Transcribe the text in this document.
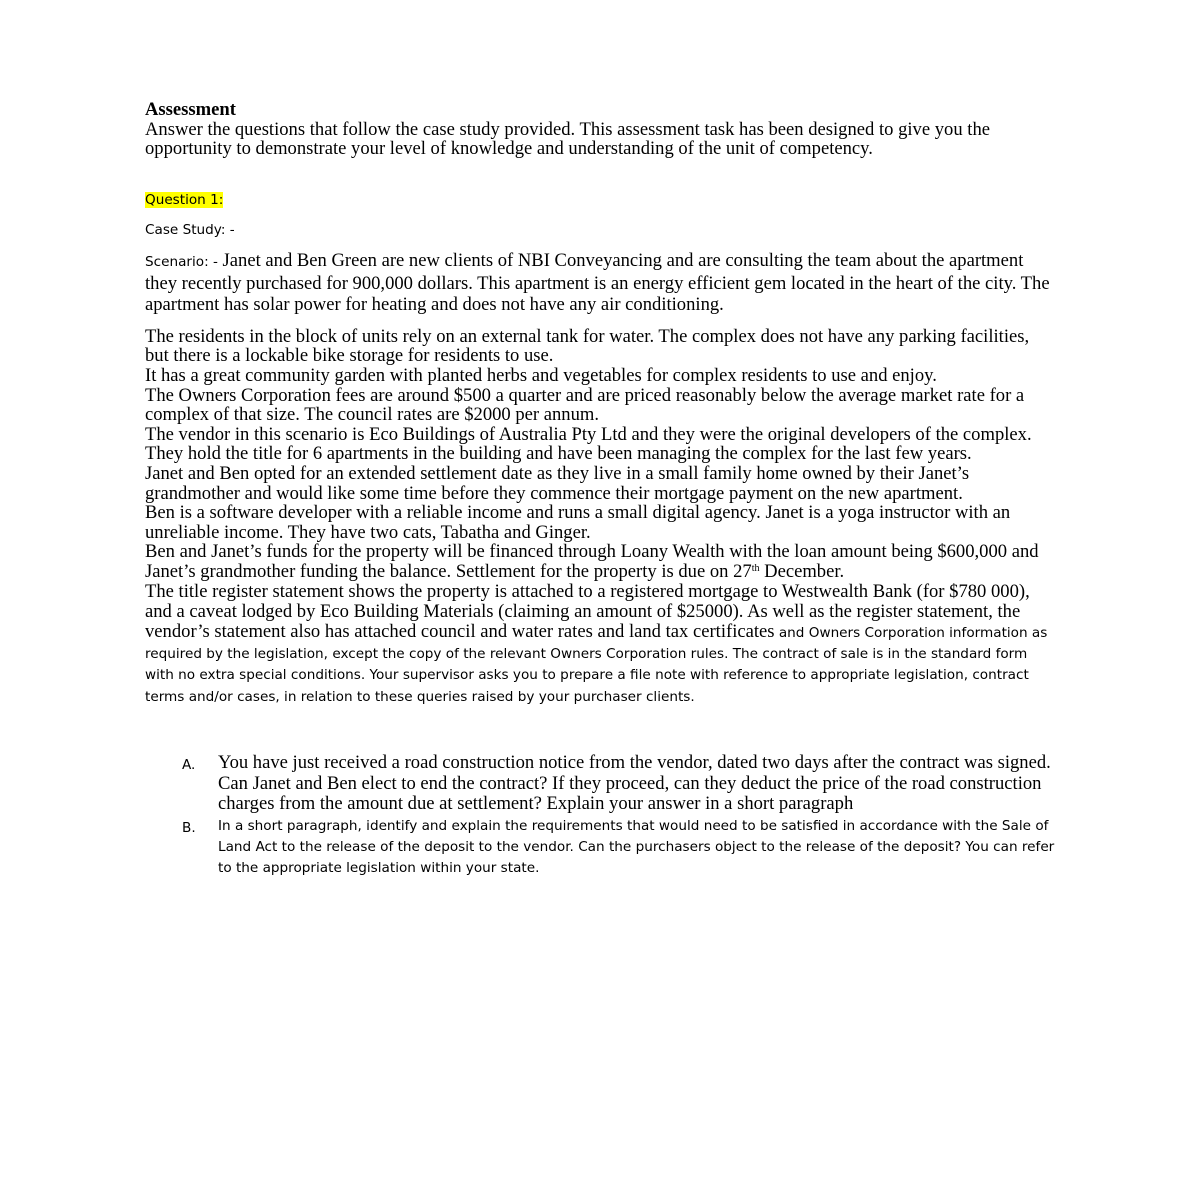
Assessment

Answer the questions that follow the case study provided. This assessment task has been designed to give you the opportunity to demonstrate your level of knowledge and understanding of the unit of competency.

Question 1:

Case Study: -

Scenario: - Janet and Ben Green are new clients of NBI Conveyancing and are consulting the team about the apartment they recently purchased for 900,000 dollars. This apartment is an energy efficient gem located in the heart of the city. The apartment has solar power for heating and does not have any air conditioning.

The residents in the block of units rely on an external tank for water. The complex does not have any parking facilities, but there is a lockable bike storage for residents to use.

It has a great community garden with planted herbs and vegetables for complex residents to use and enjoy.

The Owners Corporation fees are around $500 a quarter and are priced reasonably below the average market rate for a complex of that size. The council rates are $2000 per annum.

The vendor in this scenario is Eco Buildings of Australia Pty Ltd and they were the original developers of the complex. They hold the title for 6 apartments in the building and have been managing the complex for the last few years.

Janet and Ben opted for an extended settlement date as they live in a small family home owned by their Janet’s grandmother and would like some time before they commence their mortgage payment on the new apartment.

Ben is a software developer with a reliable income and runs a small digital agency. Janet is a yoga instructor with an unreliable income. They have two cats, Tabatha and Ginger.

Ben and Janet’s funds for the property will be financed through Loany Wealth with the loan amount being $600,000 and Janet’s grandmother funding the balance. Settlement for the property is due on 27th December.

The title register statement shows the property is attached to a registered mortgage to Westwealth Bank (for $780 000), and a caveat lodged by Eco Building Materials (claiming an amount of $25000). As well as the register statement, the vendor’s statement also has attached council and water rates and land tax certificates and Owners Corporation information as required by the legislation, except the copy of the relevant Owners Corporation rules. The contract of sale is in the standard form with no extra special conditions. Your supervisor asks you to prepare a file note with reference to appropriate legislation, contract terms and/or cases, in relation to these queries raised by your purchaser clients.

A. You have just received a road construction notice from the vendor, dated two days after the contract was signed. Can Janet and Ben elect to end the contract? If they proceed, can they deduct the price of the road construction charges from the amount due at settlement? Explain your answer in a short paragraph
B. In a short paragraph, identify and explain the requirements that would need to be satisfied in accordance with the Sale of Land Act to the release of the deposit to the vendor. Can the purchasers object to the release of the deposit? You can refer to the appropriate legislation within your state.
